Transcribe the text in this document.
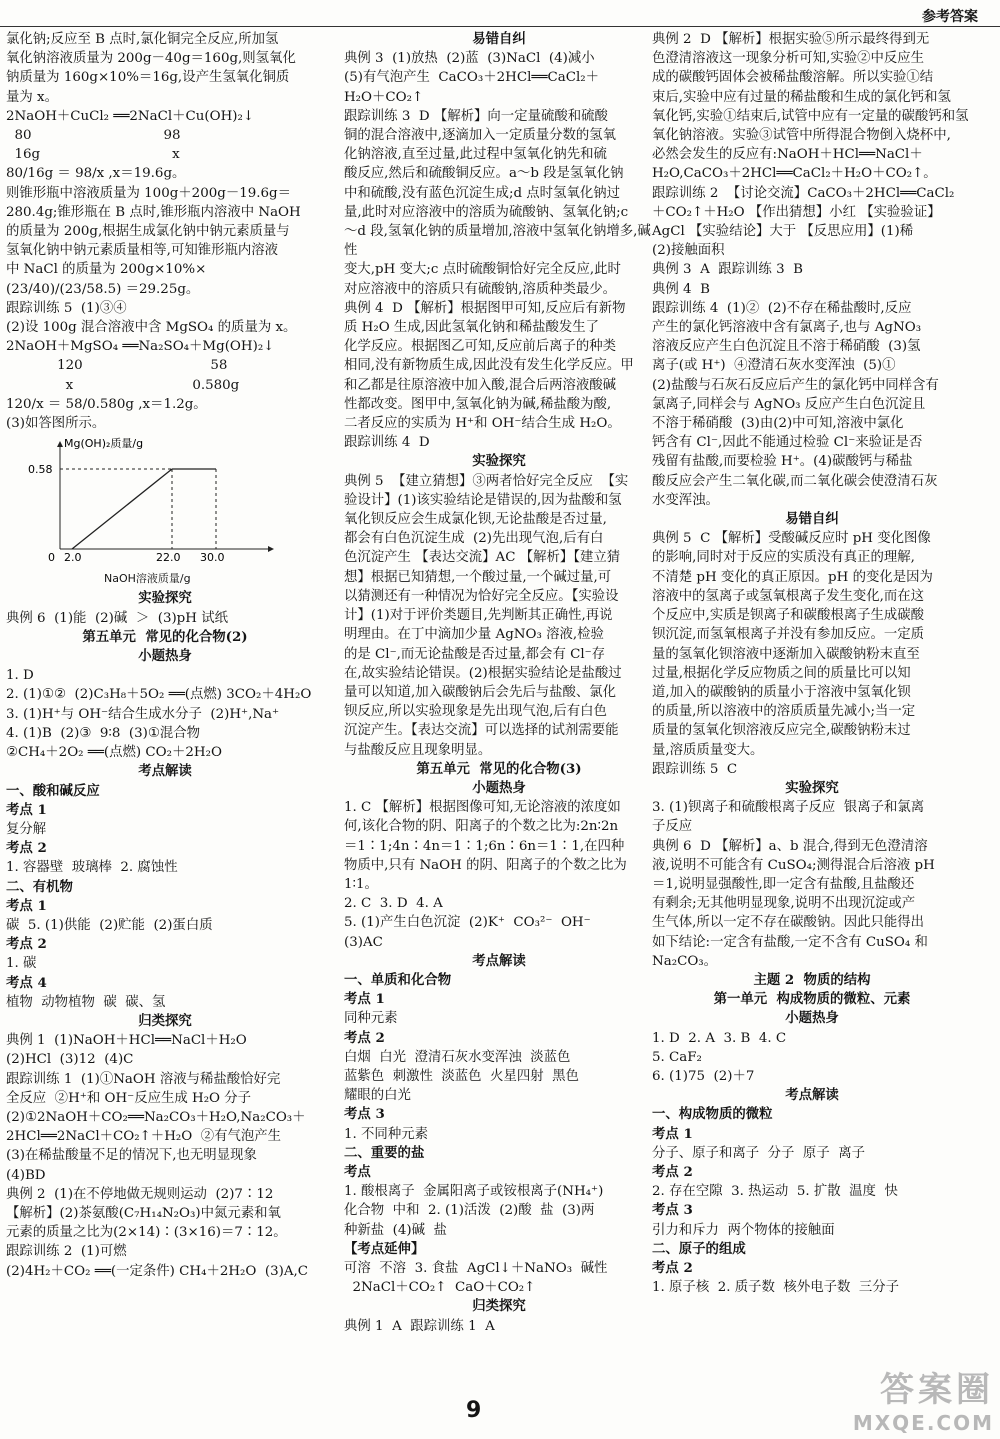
参考答案

氯化钠;反应至 B 点时,氯化铜完全反应,所加氢

氧化钠溶液质量为 200g－40g＝160g,则氢氧化

钠质量为 160g×10%＝16g,设产生氢氧化铜质

量为 x。

2NaOH＋CuCl₂ ══2NaCl＋Cu(OH)₂↓

80                               98

16g                               x

80/16g ＝ 98/x ,x＝19.6g。

则锥形瓶中溶液质量为 100g＋200g－19.6g＝

280.4g;锥形瓶在 B 点时,锥形瓶内溶液中 NaOH

的质量为 200g,根据生成氯化钠中钠元素质量与

氢氧化钠中钠元素质量相等,可知锥形瓶内溶液

中 NaCl 的质量为 200g×10%× (23/40)/(23/58.5) ＝29.25g。

跟踪训练 5  (1)③④

(2)设 100g 混合溶液中含 MgSO₄ 的质量为 x。

2NaOH＋MgSO₄ ══Na₂SO₄＋Mg(OH)₂↓

120                              58

x                            0.580g

120/x ＝ 58/0.580g ,x＝1.2g。

(3)如答图所示。

Mg(OH)₂质量/g
0.58
0 2.0	22.0 30.0
NaOH溶液质量/g

实验探究

典例 6  (1)能  (2)碱  ＞  (3)pH 试纸

第五单元  常见的化合物(2)

小题热身

1. D

2. (1)①②  (2)C₃H₈＋5O₂ ══(点燃) 3CO₂＋4H₂O

3. (1)H⁺与 OH⁻结合生成水分子  (2)H⁺,Na⁺

4. (1)B  (2)③  9∶8  (3)①混合物

②CH₄＋2O₂ ══(点燃) CO₂＋2H₂O

考点解读

一、酸和碱反应

考点 1

复分解

考点 2

1. 容器壁  玻璃棒  2. 腐蚀性

二、有机物

考点 1

碳  5. (1)供能  (2)贮能  (2)蛋白质

考点 2

1. 碳

考点 4

植物  动物植物  碳  碳、氢

归类探究

典例 1  (1)NaOH＋HCl══NaCl＋H₂O

(2)HCl  (3)12  (4)C

跟踪训练 1  (1)①NaOH 溶液与稀盐酸恰好完

全反应  ②H⁺和 OH⁻反应生成 H₂O 分子

(2)①2NaOH＋CO₂══Na₂CO₃＋H₂O,Na₂CO₃＋

2HCl══2NaCl＋CO₂↑＋H₂O  ②有气泡产生

(3)在稀盐酸量不足的情况下,也无明显现象

(4)BD

典例 2  (1)在不停地做无规则运动  (2)7∶12

【解析】(2)茶氨酸(C₇H₁₄N₂O₃)中氮元素和氧

元素的质量之比为(2×14)∶(3×16)＝7∶12。

跟踪训练 2  (1)可燃

(2)4H₂＋CO₂ ══(一定条件) CH₄＋2H₂O  (3)A,C

易错自纠

典例 3  (1)放热  (2)蓝  (3)NaCl  (4)减小

(5)有气泡产生  CaCO₃＋2HCl══CaCl₂＋

H₂O＋CO₂↑

跟踪训练 3  D 【解析】向一定量硫酸和硫酸

铜的混合溶液中,逐滴加入一定质量分数的氢氧

化钠溶液,直至过量,此过程中氢氧化钠先和硫

酸反应,然后和硫酸铜反应。a～b 段是氢氧化钠

中和硫酸,没有蓝色沉淀生成;d 点时氢氧化钠过

量,此时对应溶液中的溶质为硫酸钠、氢氧化钠;c

～d 段,氢氧化钠的质量增加,溶液中氢氧化钠增多,碱性

变大,pH 变大;c 点时硫酸铜恰好完全反应,此时

对应溶液中的溶质只有硫酸钠,溶质种类最少。

典例 4  D 【解析】根据图甲可知,反应后有新物

质 H₂O 生成,因此氢氧化钠和稀盐酸发生了

化学反应。根据图乙可知,反应前后离子的种类

相同,没有新物质生成,因此没有发生化学反应。甲

和乙都是往原溶液中加入酸,混合后两溶液酸碱

性都改变。图甲中,氢氧化钠为碱,稀盐酸为酸,

二者反应的实质为 H⁺和 OH⁻结合生成 H₂O。

跟踪训练 4  D

实验探究

典例 5  【建立猜想】③两者恰好完全反应  【实

验设计】(1)该实验结论是错误的,因为盐酸和氢

氧化钡反应会生成氯化钡,无论盐酸是否过量,

都会有白色沉淀生成  (2)先出现气泡,后有白

色沉淀产生 【表达交流】AC 【解析】【建立猜

想】根据已知猜想,一个酸过量,一个碱过量,可

以猜测还有一种情况为恰好完全反应。【实验设

计】(1)对于评价类题目,先判断其正确性,再说

明理由。在丁中滴加少量 AgNO₃ 溶液,检验

的是 Cl⁻,而无论盐酸是否过量,都会有 Cl⁻存

在,故实验结论错误。(2)根据实验结论是盐酸过

量可以知道,加入碳酸钠后会先后与盐酸、氯化

钡反应,所以实验现象是先出现气泡,后有白色

沉淀产生。【表达交流】可以选择的试剂需要能

与盐酸反应且现象明显。

第五单元  常见的化合物(3)

小题热身

1. C 【解析】根据图像可知,无论溶液的浓度如

何,该化合物的阴、阳离子的个数之比为:2n∶2n

＝1∶1;4n∶4n＝1∶1;6n∶6n＝1∶1,在四种

物质中,只有 NaOH 的阴、阳离子的个数之比为

1∶1。

2. C  3. D  4. A

5. (1)产生白色沉淀  (2)K⁺  CO₃²⁻  OH⁻

(3)AC

考点解读

一、单质和化合物

考点 1

同种元素

考点 2

白烟  白光  澄清石灰水变浑浊  淡蓝色

蓝紫色  刺激性  淡蓝色  火星四射  黑色

耀眼的白光

考点 3

1. 不同种元素

二、重要的盐

考点

1. 酸根离子  金属阳离子或铵根离子(NH₄⁺)

化合物  中和  2. (1)活泼  (2)酸  盐  (3)两

种新盐  (4)碱  盐

【考点延伸】

可溶  不溶  3. 食盐  AgCl↓＋NaNO₃  碱性

2NaCl＋CO₂↑  CaO＋CO₂↑

归类探究

典例 1  A  跟踪训练 1  A

典例 2  D 【解析】根据实验⑤所示最终得到无

色澄清溶液这一现象分析可知,实验②中反应生

成的碳酸钙固体会被稀盐酸溶解。所以实验①结

束后,实验中应有过量的稀盐酸和生成的氯化钙和氢

氧化钙,实验①结束后,试管中应有一定量的碳酸钙和氢

氧化钠溶液。实验③试管中所得混合物倒入烧杯中,

必然会发生的反应有:NaOH＋HCl══NaCl＋

H₂O,CaCO₃＋2HCl══CaCl₂＋H₂O＋CO₂↑。

跟踪训练 2  【讨论交流】CaCO₃＋2HCl══CaCl₂

＋CO₂↑＋H₂O 【作出猜想】小红 【实验验证】

AgCl 【实验结论】大于 【反思应用】(1)稀

(2)接触面积

典例 3  A  跟踪训练 3  B

典例 4  B

跟踪训练 4  (1)②  (2)不存在稀盐酸时,反应

产生的氯化钙溶液中含有氯离子,也与 AgNO₃

溶液反应产生白色沉淀且不溶于稀硝酸  (3)氢

离子(或 H⁺)  ④澄清石灰水变浑浊  (5)①

(2)盐酸与石灰石反应后产生的氯化钙中同样含有

氯离子,同样会与 AgNO₃ 反应产生白色沉淀且

不溶于稀硝酸  (3)由(2)中可知,溶液中氯化

钙含有 Cl⁻,因此不能通过检验 Cl⁻来验证是否

残留有盐酸,而要检验 H⁺。(4)碳酸钙与稀盐

酸反应会产生二氧化碳,而二氧化碳会使澄清石灰

水变浑浊。

易错自纠

典例 5  C 【解析】受酸碱反应时 pH 变化图像

的影响,同时对于反应的实质没有真正的理解,

不清楚 pH 变化的真正原因。pH 的变化是因为

溶液中的氢离子或氢氧根离子发生变化,而在这

个反应中,实质是钡离子和碳酸根离子生成碳酸

钡沉淀,而氢氧根离子并没有参加反应。一定质

量的氢氧化钡溶液中逐渐加入碳酸钠粉末直至

过量,根据化学反应物质之间的质量比可以知

道,加入的碳酸钠的质量小于溶液中氢氧化钡

的质量,所以溶液中的溶质质量先减小;当一定

质量的氢氧化钡溶液反应完全,碳酸钠粉末过

量,溶质质量变大。

跟踪训练 5  C

实验探究

3. (1)钡离子和硫酸根离子反应  银离子和氯离

子反应

典例 6  D 【解析】a、b 混合,得到无色澄清溶

液,说明不可能含有 CuSO₄;测得混合后溶液 pH

＝1,说明显强酸性,即一定含有盐酸,且盐酸还

有剩余;无其他明显现象,说明不出现沉淀或产

生气体,所以一定不存在碳酸钠。因此只能得出

如下结论:一定含有盐酸,一定不含有 CuSO₄ 和

Na₂CO₃。

主题 2  物质的结构

第一单元  构成物质的微粒、元素

小题热身

1. D  2. A  3. B  4. C

5. CaF₂

6. (1)75  (2)＋7

考点解读

一、构成物质的微粒

考点 1

分子、原子和离子  分子  原子  离子

考点 2

2. 存在空隙  3. 热运动  5. 扩散  温度  快

考点 3

引力和斥力  两个物体的接触面

二、原子的组成

考点 2

1. 原子核  2. 质子数  核外电子数  三分子

9
答案圈
MXQE.COM
